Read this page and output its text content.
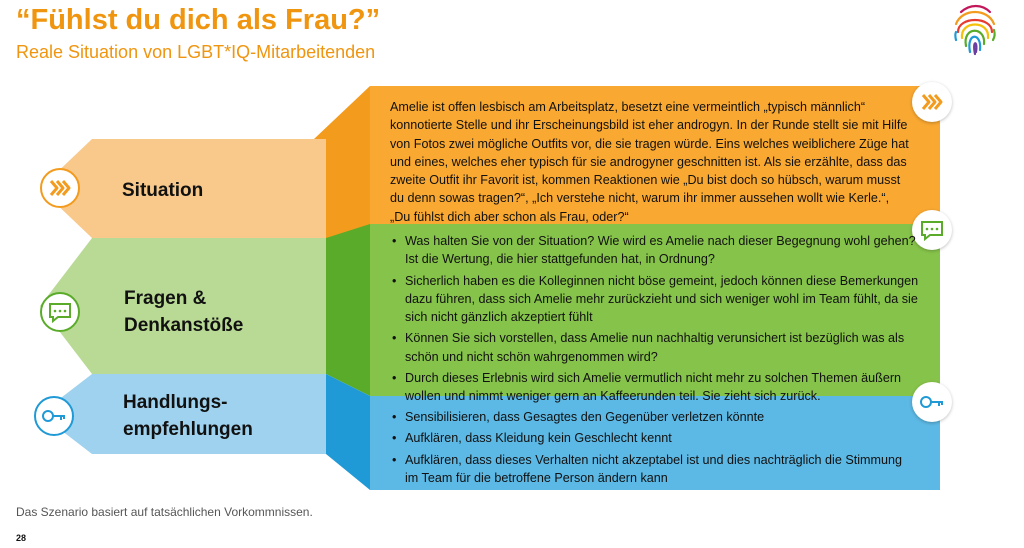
“Fühlst du dich als Frau?”
Reale Situation von LGBT*IQ-Mitarbeitenden
Situation
Fragen &
Denkanstöße
Handlungs-
empfehlungen
Amelie ist offen lesbisch am Arbeitsplatz, besetzt eine vermeintlich „typisch männlich“ konnotierte Stelle und ihr Erscheinungsbild ist eher androgyn. In der Runde stellt sie mit Hilfe von Fotos zwei mögliche Outfits vor, die sie tragen würde. Eins welches weiblichere Züge hat und eines, welches eher typisch für sie androgyner geschnitten ist. Als sie erzählte, dass das zweite Outfit ihr Favorit ist, kommen Reaktionen wie „Du bist doch so hübsch, warum musst du denn sowas tragen?“, „Ich verstehe nicht, warum ihr immer aussehen wollt wie Kerle.“, „Du fühlst dich aber schon als Frau, oder?“
• Was halten Sie von der Situation? Wie wird es Amelie nach dieser Begegnung wohl gehen? Ist die Wertung, die hier stattgefunden hat, in Ordnung?
• Sicherlich haben es die Kolleginnen nicht böse gemeint, jedoch können diese Bemerkungen dazu führen, dass sich Amelie mehr zurückzieht und sich weniger wohl im Team fühlt, da sie sich nicht gänzlich akzeptiert fühlt
• Können Sie sich vorstellen, dass Amelie nun nachhaltig verunsichert ist bezüglich was als schön und nicht schön wahrgenommen wird?
• Durch dieses Erlebnis wird sich Amelie vermutlich nicht mehr zu solchen Themen äußern wollen und nimmt weniger gern an Kaffeerunden teil. Sie zieht sich zurück.
• Sensibilisieren, dass Gesagtes den Gegenüber verletzen könnte
• Aufklären, dass Kleidung kein Geschlecht kennt
• Aufklären, dass dieses Verhalten nicht akzeptabel ist und dies nachträglich die Stimmung im Team für die betroffene Person ändern kann
Das Szenario basiert auf tatsächlichen Vorkommnissen.
28
